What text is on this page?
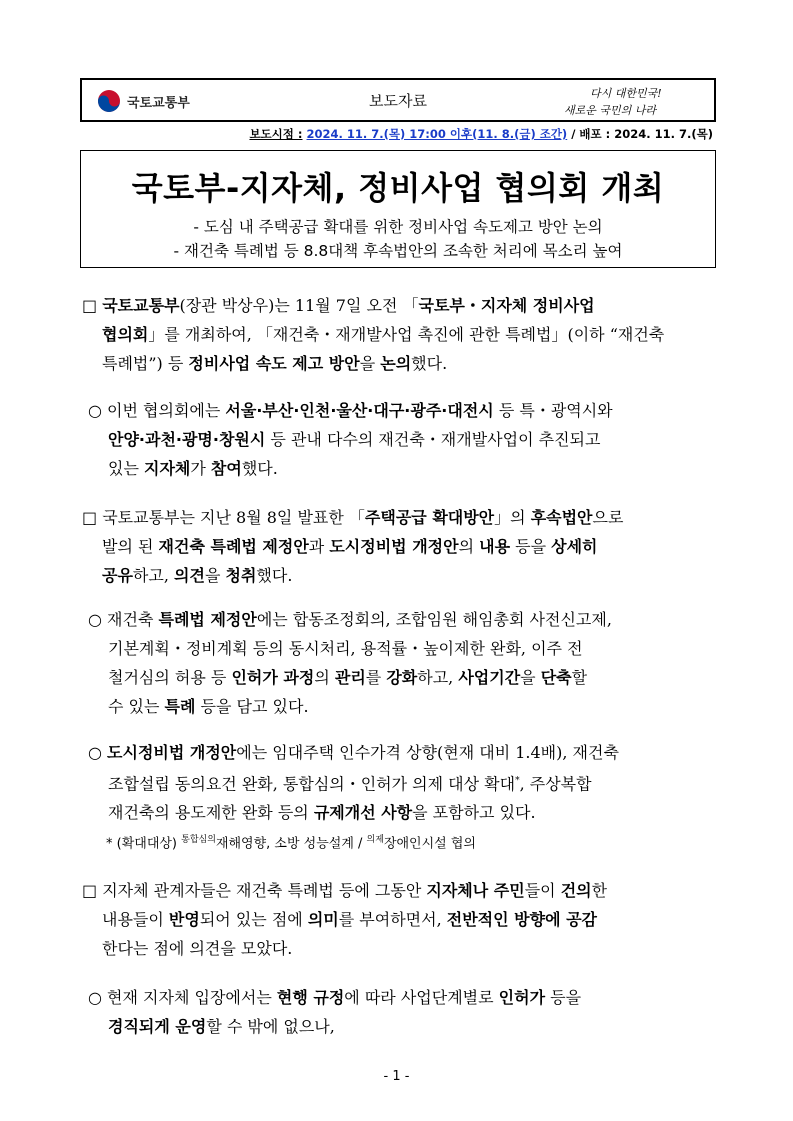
국토교통부	보도자료	다시 대한민국!
새로운 국민의 나라
보도시점 : 2024. 11. 7.(목) 17:00 이후(11. 8.(금) 조간) / 배포 : 2024. 11. 7.(목)
국토부-지자체, 정비사업 협의회 개최
- 도심 내 주택공급 확대를 위한 정비사업 속도제고 방안 논의
- 재건축 특례법 등 8.8대책 후속법안의 조속한 처리에 목소리 높여
□ 국토교통부(장관 박상우)는 11월 7일 오전 「국토부・지자체 정비사업
협의회」를 개최하여, 「재건축・재개발사업 촉진에 관한 특례법」(이하 “재건축
특례법”) 등 정비사업 속도 제고 방안을 논의했다.
○ 이번 협의회에는 서울·부산·인천·울산·대구·광주·대전시 등 특・광역시와
안양·과천·광명·창원시 등 관내 다수의 재건축・재개발사업이 추진되고
있는 지자체가 참여했다.
□ 국토교통부는 지난 8월 8일 발표한 「주택공급 확대방안」의 후속법안으로
발의 된 재건축 특례법 제정안과 도시정비법 개정안의 내용 등을 상세히
공유하고, 의견을 청취했다.
○ 재건축 특례법 제정안에는 합동조정회의, 조합임원 해임총회 사전신고제,
기본계획・정비계획 등의 동시처리, 용적률・높이제한 완화, 이주 전
철거심의 허용 등 인허가 과정의 관리를 강화하고, 사업기간을 단축할
수 있는 특례 등을 담고 있다.
○ 도시정비법 개정안에는 임대주택 인수가격 상향(현재 대비 1.4배), 재건축
조합설립 동의요건 완화, 통합심의・인허가 의제 대상 확대*, 주상복합
재건축의 용도제한 완화 등의 규제개선 사항을 포함하고 있다.
* (확대대상) $^{통합심의}$재해영향, 소방 성능설계 / $^{의제}$장애인시설 협의
□ 지자체 관계자들은 재건축 특례법 등에 그동안 지자체나 주민들이 건의한
내용들이 반영되어 있는 점에 의미를 부여하면서, 전반적인 방향에 공감
한다는 점에 의견을 모았다.
○ 현재 지자체 입장에서는 현행 규정에 따라 사업단계별로 인허가 등을
경직되게 운영할 수 밖에 없으나,
- 1 -
